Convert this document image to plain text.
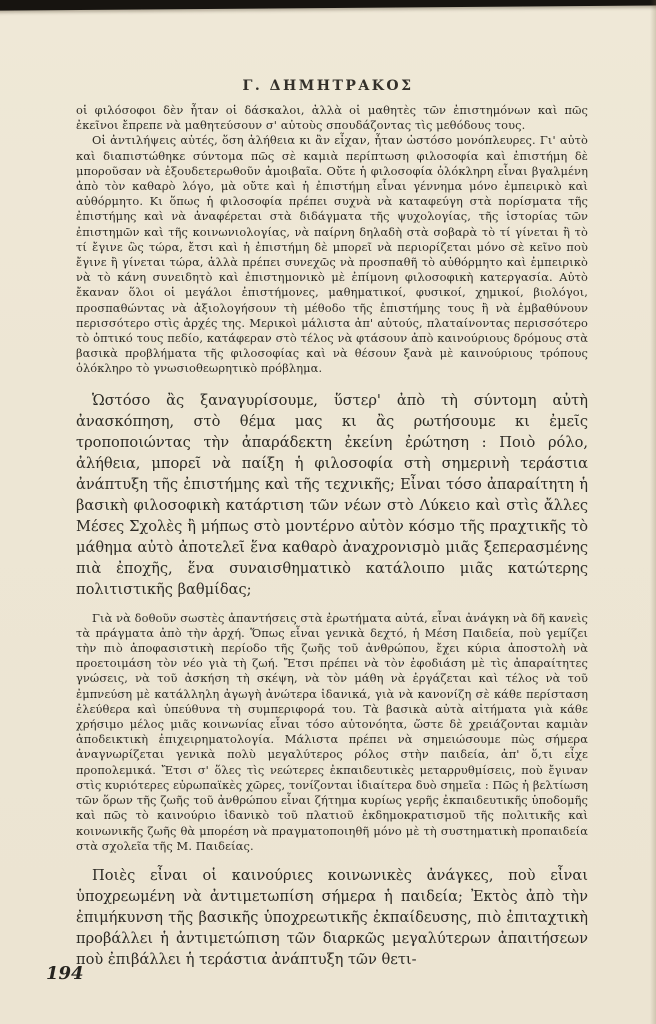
Γ. ΔΗΜΗΤΡΑΚΟΣ

οἱ φιλόσοφοι δὲν ἦταν οἱ δάσκαλοι, ἀλλὰ οἱ μαθητὲς τῶν ἐπιστημόνων καὶ πῶς ἐκεῖνοι ἔπρεπε νὰ μαθητεύσουν σ' αὐτοὺς σπουδάζοντας τὶς μεθόδους τους.

Οἱ ἀντιλήψεις αὐτές, ὅση ἀλήθεια κι ἂν εἶχαν, ἦταν ὡστόσο μονόπλευρες. Γι' αὐτὸ καὶ διαπιστώθηκε σύντομα πῶς σὲ καμιὰ περίπτωση φιλοσοφία καὶ ἐπιστήμη δὲ μποροῦσαν νὰ ἐξουδετερωθοῦν ἀμοιβαῖα. Οὔτε ἡ φιλοσοφία ὁλόκληρη εἶναι βγαλμένη ἀπὸ τὸν καθαρὸ λόγο, μὰ οὔτε καὶ ἡ ἐπιστήμη εἶναι γέννημα μόνο ἐμπειρικὸ καὶ αὐθόρμητο. Κι ὅπως ἡ φιλοσοφία πρέπει συχνὰ νὰ καταφεύγη στὰ πορίσματα τῆς ἐπιστήμης καὶ νὰ ἀναφέρεται στὰ διδάγματα τῆς ψυχολογίας, τῆς ἱστορίας τῶν ἐπιστημῶν καὶ τῆς κοινωνιολογίας, νὰ παίρνη δηλαδὴ στὰ σοβαρὰ τὸ τί γίνεται ἢ τὸ τί ἔγινε ὣς τώρα, ἔτσι καὶ ἡ ἐπιστήμη δὲ μπορεῖ νὰ περιορίζεται μόνο σὲ κεῖνο ποὺ ἔγινε ἢ γίνεται τώρα, ἀλλὰ πρέπει συνεχῶς νὰ προσπαθῆ τὸ αὐθόρμητο καὶ ἐμπειρικὸ νὰ τὸ κάνη συνειδητὸ καὶ ἐπιστημονικὸ μὲ ἐπίμονη φιλοσοφικὴ κατεργασία. Αὐτὸ ἔκαναν ὅλοι οἱ μεγάλοι ἐπιστήμονες, μαθηματικοί, φυσικοί, χημικοί, βιολόγοι, προσπαθώντας νὰ ἀξιολογήσουν τὴ μέθοδο τῆς ἐπιστήμης τους ἢ νὰ ἐμβαθύνουν περισσότερο στὶς ἀρχές της. Μερικοὶ μάλιστα ἀπ' αὐτούς, πλαταίνοντας περισσότερο τὸ ὀπτικό τους πεδίο, κατάφεραν στὸ τέλος νὰ φτάσουν ἀπὸ καινούριους δρόμους στὰ βασικὰ προβλήματα τῆς φιλοσοφίας καὶ νὰ θέσουν ξανὰ μὲ καινούριους τρόπους ὁλόκληρο τὸ γνωσιοθεωρητικὸ πρόβλημα.

Ὡστόσο ἂς ξαναγυρίσουμε, ὕστερ' ἀπὸ τὴ σύντομη αὐτὴ ἀνασκόπηση, στὸ θέμα μας κι ἂς ρωτήσουμε κι ἐμεῖς τροποποιώντας τὴν ἀπαράδεκτη ἐκείνη ἐρώτηση : Ποιὸ ρόλο, ἀλήθεια, μπορεῖ νὰ παίξη ἡ φιλοσοφία στὴ σημερινὴ τεράστια ἀνάπτυξη τῆς ἐπιστήμης καὶ τῆς τεχνικῆς; Εἶναι τόσο ἀπαραίτητη ἡ βασικὴ φιλοσοφικὴ κατάρτιση τῶν νέων στὸ Λύκειο καὶ στὶς ἄλλες Μέσες Σχολὲς ἢ μήπως στὸ μοντέρνο αὐτὸν κόσμο τῆς πραχτικῆς τὸ μάθημα αὐτὸ ἀποτελεῖ ἕνα καθαρὸ ἀναχρονισμὸ μιᾶς ξεπερασμένης πιὰ ἐποχῆς, ἕνα συναισθηματικὸ κατάλοιπο μιᾶς κατώτερης πολιτιστικῆς βαθμίδας;

Γιὰ νὰ δοθοῦν σωστὲς ἀπαντήσεις στὰ ἐρωτήματα αὐτά, εἶναι ἀνάγκη νὰ δῆ κανεὶς τὰ πράγματα ἀπὸ τὴν ἀρχή. Ὅπως εἶναι γενικὰ δεχτό, ἡ Μέση Παιδεία, ποὺ γεμίζει τὴν πιὸ ἀποφασιστικὴ περίοδο τῆς ζωῆς τοῦ ἀνθρώπου, ἔχει κύρια ἀποστολὴ νὰ προετοιμάση τὸν νέο γιὰ τὴ ζωή. Ἔτσι πρέπει νὰ τὸν ἐφοδιάση μὲ τὶς ἀπαραίτητες γνώσεις, νὰ τοῦ ἀσκήση τὴ σκέψη, νὰ τὸν μάθη νὰ ἐργάζεται καὶ τέλος νὰ τοῦ ἐμπνεύση μὲ κατάλληλη ἀγωγὴ ἀνώτερα ἰδανικά, γιὰ νὰ κανονίζη σὲ κάθε περίσταση ἐλεύθερα καὶ ὑπεύθυνα τὴ συμπεριφορά του. Τὰ βασικὰ αὐτὰ αἰτήματα γιὰ κάθε χρήσιμο μέλος μιᾶς κοινωνίας εἶναι τόσο αὐτονόητα, ὥστε δὲ χρειάζονται καμιὰν ἀποδεικτικὴ ἐπιχειρηματολογία. Μάλιστα πρέπει νὰ σημειώσουμε πὼς σήμερα ἀναγνωρίζεται γενικὰ πολὺ μεγαλύτερος ρόλος στὴν παιδεία, ἀπ' ὅ,τι εἶχε προπολεμικά. Ἔτσι σ' ὅλες τὶς νεώτερες ἐκπαιδευτικὲς μεταρρυθμίσεις, ποὺ ἔγιναν στὶς κυριότερες εὐρωπαϊκὲς χῶρες, τονίζονται ἰδιαίτερα δυὸ σημεῖα : Πῶς ἡ βελτίωση τῶν ὅρων τῆς ζωῆς τοῦ ἀνθρώπου εἶναι ζήτημα κυρίως γερῆς ἐκπαιδευτικῆς ὑποδομῆς καὶ πῶς τὸ καινούριο ἰδανικὸ τοῦ πλατιοῦ ἐκδημοκρατισμοῦ τῆς πολιτικῆς καὶ κοινωνικῆς ζωῆς θὰ μπορέση νὰ πραγματοποιηθῆ μόνο μὲ τὴ συστηματικὴ προπαιδεία στὰ σχολεῖα τῆς Μ. Παιδείας.

Ποιὲς εἶναι οἱ καινούριες κοινωνικὲς ἀνάγκες, ποὺ εἶναι ὑποχρεωμένη νὰ ἀντιμετωπίση σήμερα ἡ παιδεία; Ἐκτὸς ἀπὸ τὴν ἐπιμήκυνση τῆς βασικῆς ὑποχρεωτικῆς ἐκπαίδευσης, πιὸ ἐπιταχτικὴ προβάλλει ἡ ἀντιμετώπιση τῶν διαρκῶς μεγαλύτερων ἀπαιτήσεων ποὺ ἐπιβάλλει ἡ τεράστια ἀνάπτυξη τῶν θετι-

194
